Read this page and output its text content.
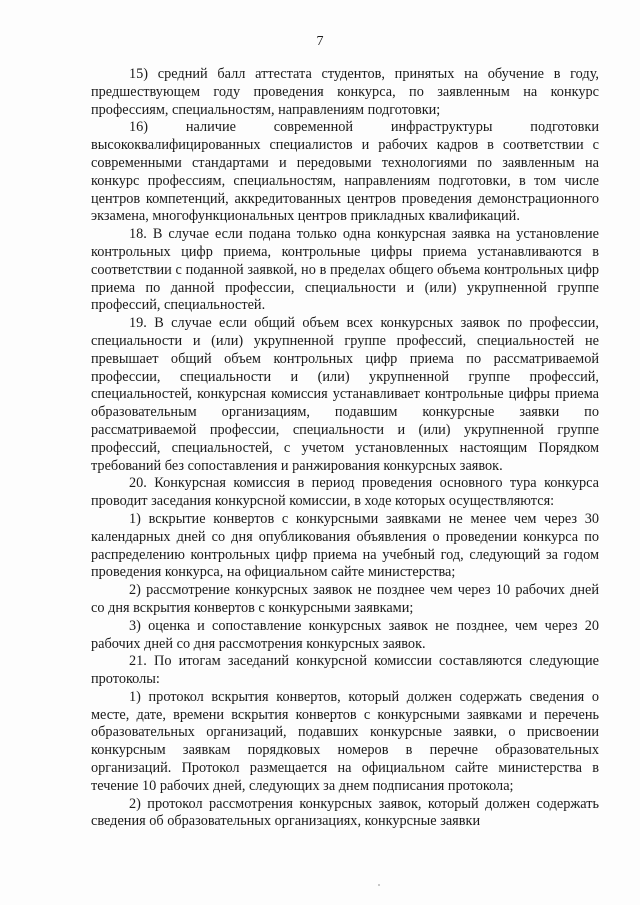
7

15) средний балл аттестата студентов, принятых на обучение в году, предшествующем году проведения конкурса, по заявленным на конкурс профессиям, специальностям, направлениям подготовки;

16) наличие современной инфраструктуры подготовки высококвалифицированных специалистов и рабочих кадров в соответствии с современными стандартами и передовыми технологиями по заявленным на конкурс профессиям, специальностям, направлениям подготовки, в том числе центров компетенций, аккредитованных центров проведения демонстрационного экзамена, многофункциональных центров прикладных квалификаций.

18. В случае если подана только одна конкурсная заявка на установление контрольных цифр приема, контрольные цифры приема устанавливаются в соответствии с поданной заявкой, но в пределах общего объема контрольных цифр приема по данной профессии, специальности и (или) укрупненной группе профессий, специальностей.

19. В случае если общий объем всех конкурсных заявок по профессии, специальности и (или) укрупненной группе профессий, специальностей не превышает общий объем контрольных цифр приема по рассматриваемой профессии, специальности и (или) укрупненной группе профессий, специальностей, конкурсная комиссия устанавливает контрольные цифры приема образовательным организациям, подавшим конкурсные заявки по рассматриваемой профессии, специальности и (или) укрупненной группе профессий, специальностей, с учетом установленных настоящим Порядком требований без сопоставления и ранжирования конкурсных заявок.

20. Конкурсная комиссия в период проведения основного тура конкурса проводит заседания конкурсной комиссии, в ходе которых осуществляются:

1) вскрытие конвертов с конкурсными заявками не менее чем через 30 календарных дней со дня опубликования объявления о проведении конкурса по распределению контрольных цифр приема на учебный год, следующий за годом проведения конкурса, на официальном сайте министерства;

2) рассмотрение конкурсных заявок не позднее чем через 10 рабочих дней со дня вскрытия конвертов с конкурсными заявками;

3) оценка и сопоставление конкурсных заявок не позднее, чем через 20 рабочих дней со дня рассмотрения конкурсных заявок.

21. По итогам заседаний конкурсной комиссии составляются следующие протоколы:

1) протокол вскрытия конвертов, который должен содержать сведения о месте, дате, времени вскрытия конвертов с конкурсными заявками и перечень образовательных организаций, подавших конкурсные заявки, о присвоении конкурсным заявкам порядковых номеров в перечне образовательных организаций. Протокол размещается на официальном сайте министерства в течение 10 рабочих дней, следующих за днем подписания протокола;

2) протокол рассмотрения конкурсных заявок, который должен содержать сведения об образовательных организациях, конкурсные заявки
